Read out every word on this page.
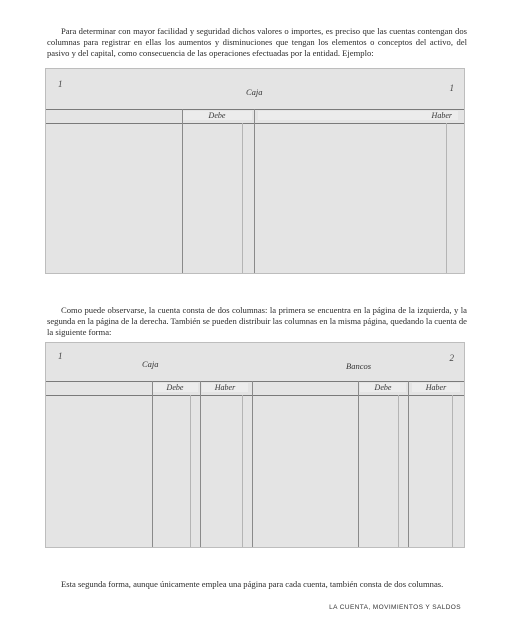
Para determinar con mayor facilidad y seguridad dichos valores o importes, es preciso que las cuentas contengan dos columnas para registrar en ellas los aumentos y disminuciones que tengan los elementos o conceptos del activo, del pasivo y del capital, como consecuencia de las operaciones efectuadas por la entidad. Ejemplo:

1	1
Caja
Debe	Haber

Como puede observarse, la cuenta consta de dos columnas: la primera se encuentra en la página de la izquierda, y la segunda en la página de la derecha. También se pueden distribuir las columnas en la misma página, quedando la cuenta de la siguiente forma:

1	2
Caja	Bancos
Debe	Haber	Debe	Haber

Esta segunda forma, aunque únicamente emplea una página para cada cuenta, también consta de dos columnas.

LA CUENTA, MOVIMIENTOS Y SALDOS
